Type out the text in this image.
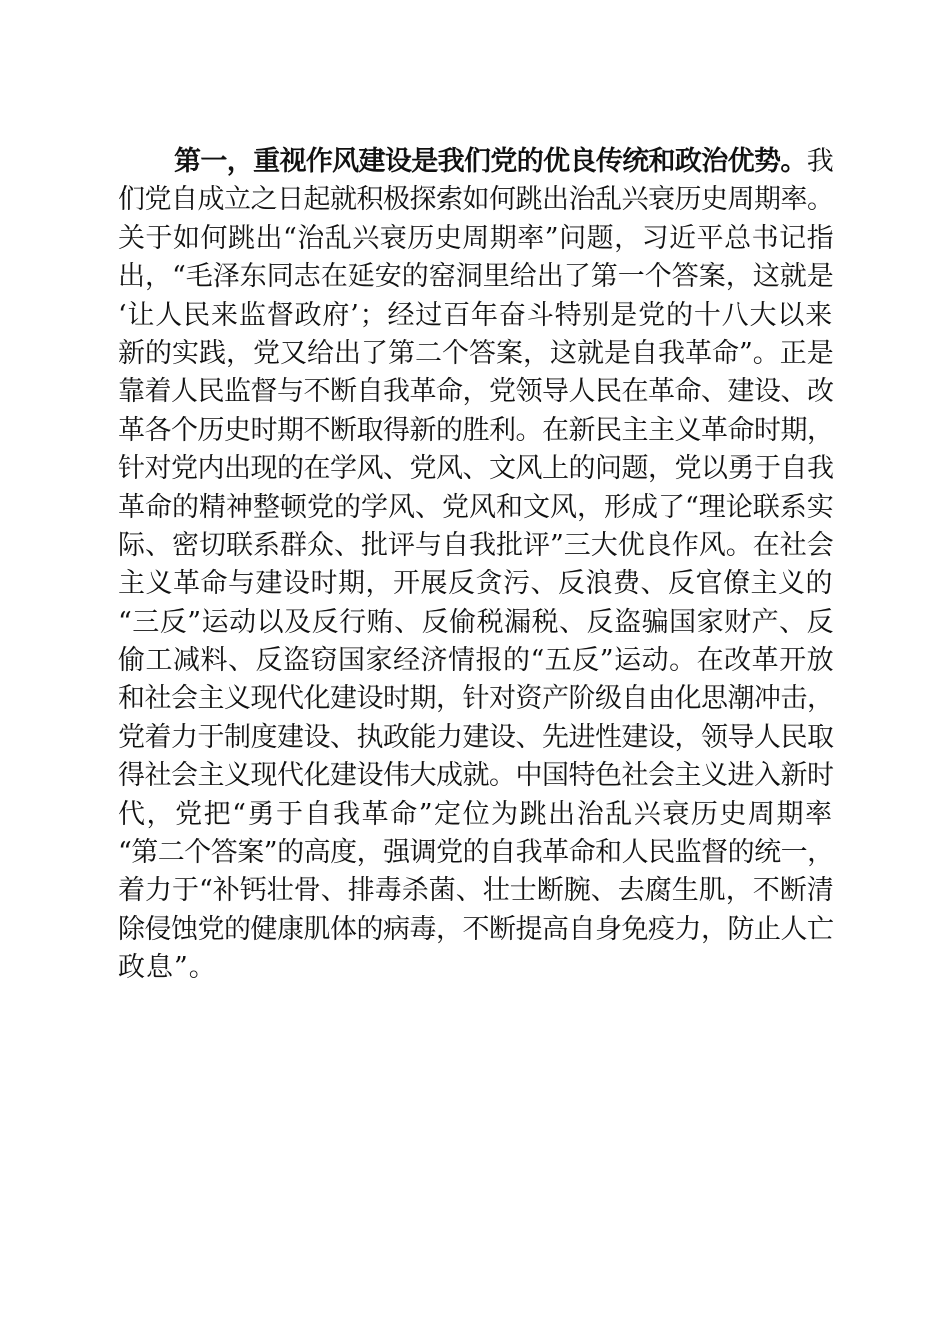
第一，重视作风建设是我们党的优良传统和政治优势。我
们党自成立之日起就积极探索如何跳出治乱兴衰历史周期率。
关于如何跳出“治乱兴衰历史周期率”问题，习近平总书记指
出，“毛泽东同志在延安的窑洞里给出了第一个答案，这就是
‘让人民来监督政府’；经过百年奋斗特别是党的十八大以来
新的实践，党又给出了第二个答案，这就是自我革命”。正是
靠着人民监督与不断自我革命，党领导人民在革命、建设、改
革各个历史时期不断取得新的胜利。在新民主主义革命时期，
针对党内出现的在学风、党风、文风上的问题，党以勇于自我
革命的精神整顿党的学风、党风和文风，形成了“理论联系实
际、密切联系群众、批评与自我批评”三大优良作风。在社会
主义革命与建设时期，开展反贪污、反浪费、反官僚主义的
“三反”运动以及反行贿、反偷税漏税、反盗骗国家财产、反
偷工减料、反盗窃国家经济情报的“五反”运动。在改革开放
和社会主义现代化建设时期，针对资产阶级自由化思潮冲击，
党着力于制度建设、执政能力建设、先进性建设，领导人民取
得社会主义现代化建设伟大成就。中国特色社会主义进入新时
代，党把“勇于自我革命”定位为跳出治乱兴衰历史周期率
“第二个答案”的高度，强调党的自我革命和人民监督的统一，
着力于“补钙壮骨、排毒杀菌、壮士断腕、去腐生肌，不断清
除侵蚀党的健康肌体的病毒，不断提高自身免疫力，防止人亡
政息”。
